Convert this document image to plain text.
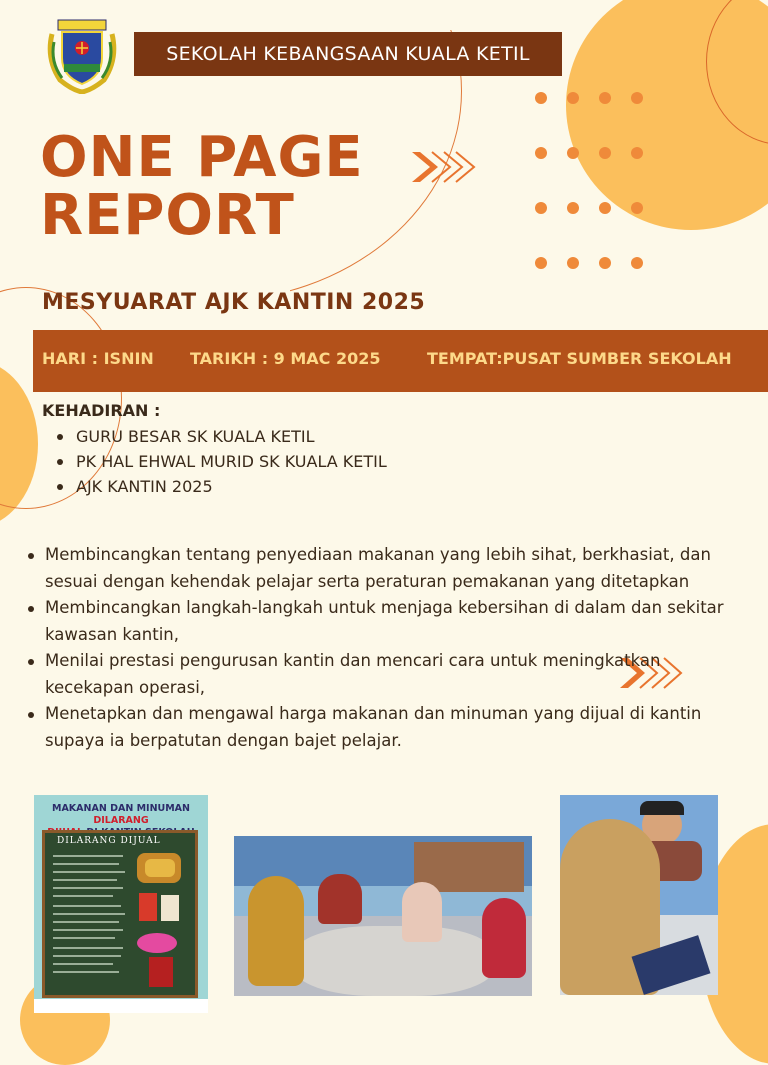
SEKOLAH KEBANGSAAN KUALA KETIL
ONE PAGE
REPORT
MESYUARAT AJK KANTIN 2025
HARI : ISNIN TARIKH : 9 MAC 2025	TEMPAT:PUSAT SUMBER SEKOLAH
KEHADIRAN :
GURU BESAR SK KUALA KETIL
PK HAL EHWAL MURID SK KUALA KETIL
AJK KANTIN 2025
Membincangkan tentang penyediaan makanan yang lebih sihat, berkhasiat, dan sesuai dengan kehendak pelajar serta peraturan pemakanan yang ditetapkan
Membincangkan langkah-langkah untuk menjaga kebersihan di dalam dan sekitar kawasan kantin,
Menilai prestasi pengurusan kantin dan mencari cara untuk meningkatkan kecekapan operasi,
Menetapkan dan mengawal harga makanan dan minuman yang dijual di kantin supaya ia berpatutan dengan bajet pelajar.
MAKANAN DAN MINUMAN DILARANG

DILARANG DIJUAL
